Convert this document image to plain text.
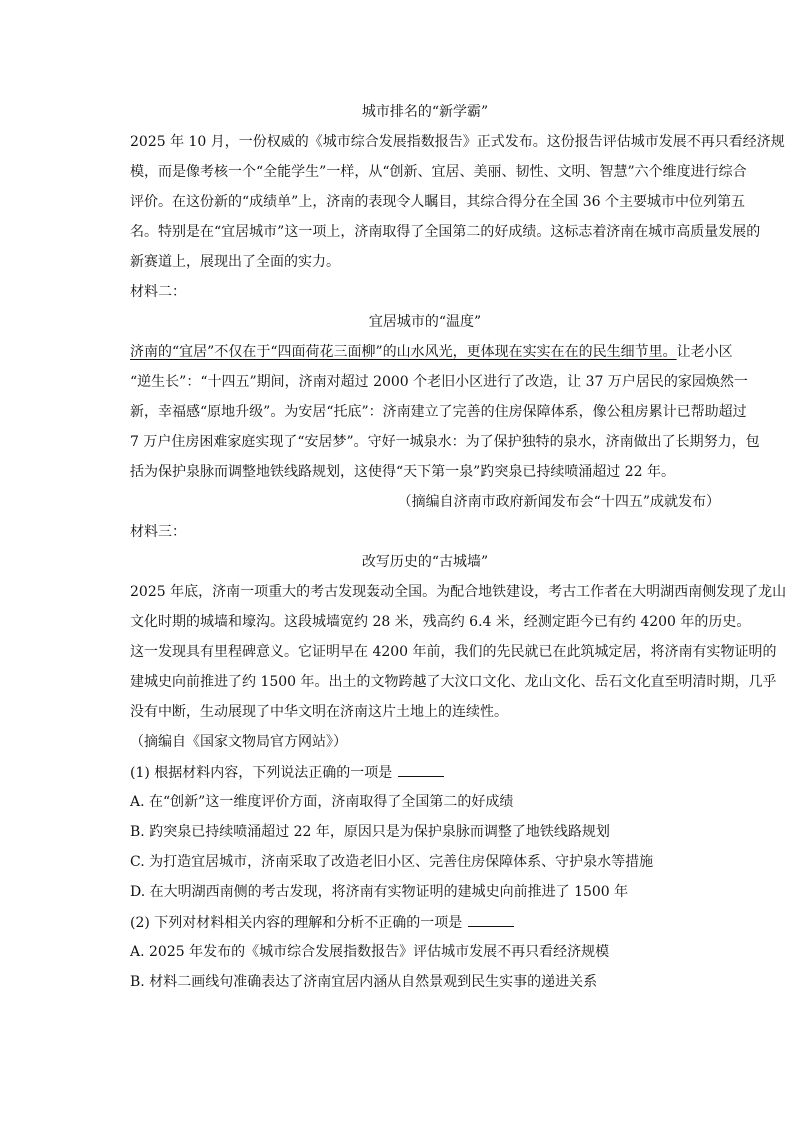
城市排名的“新学霸”
2025 年 10 月，一份权威的《城市综合发展指数报告》正式发布。这份报告评估城市发展不再只看经济规
模，而是像考核一个“全能学生”一样，从“创新、宜居、美丽、韧性、文明、智慧”六个维度进行综合
评价。在这份新的“成绩单”上，济南的表现令人瞩目，其综合得分在全国 36 个主要城市中位列第五
名。特别是在“宜居城市”这一项上，济南取得了全国第二的好成绩。这标志着济南在城市高质量发展的
新赛道上，展现出了全面的实力。
材料二：
宜居城市的“温度”
济南的“宜居”不仅在于“四面荷花三面柳”的山水风光，更体现在实实在在的民生细节里。让老小区
“逆生长”：“十四五”期间，济南对超过 2000 个老旧小区进行了改造，让 37 万户居民的家园焕然一
新，幸福感“原地升级”。为安居“托底”：济南建立了完善的住房保障体系，像公租房累计已帮助超过
7 万户住房困难家庭实现了“安居梦”。守好一城泉水：为了保护独特的泉水，济南做出了长期努力，包
括为保护泉脉而调整地铁线路规划，这使得“天下第一泉”趵突泉已持续喷涌超过 22 年。
（摘编自济南市政府新闻发布会“十四五”成就发布）
材料三：
改写历史的“古城墙”
2025 年底，济南一项重大的考古发现轰动全国。为配合地铁建设，考古工作者在大明湖西南侧发现了龙山
文化时期的城墙和壕沟。这段城墙宽约 28 米，残高约 6.4 米，经测定距今已有约 4200 年的历史。
这一发现具有里程碑意义。它证明早在 4200 年前，我们的先民就已在此筑城定居，将济南有实物证明的
建城史向前推进了约 1500 年。出土的文物跨越了大汶口文化、龙山文化、岳石文化直至明清时期，几乎
没有中断，生动展现了中华文明在济南这片土地上的连续性。
（摘编自《国家文物局官方网站》）
(1) 根据材料内容，下列说法正确的一项是
A. 在“创新”这一维度评价方面，济南取得了全国第二的好成绩
B. 趵突泉已持续喷涌超过 22 年，原因只是为保护泉脉而调整了地铁线路规划
C. 为打造宜居城市，济南采取了改造老旧小区、完善住房保障体系、守护泉水等措施
D. 在大明湖西南侧的考古发现，将济南有实物证明的建城史向前推进了 1500 年
(2) 下列对材料相关内容的理解和分析不正确的一项是
A. 2025 年发布的《城市综合发展指数报告》评估城市发展不再只看经济规模
B. 材料二画线句准确表达了济南宜居内涵从自然景观到民生实事的递进关系
